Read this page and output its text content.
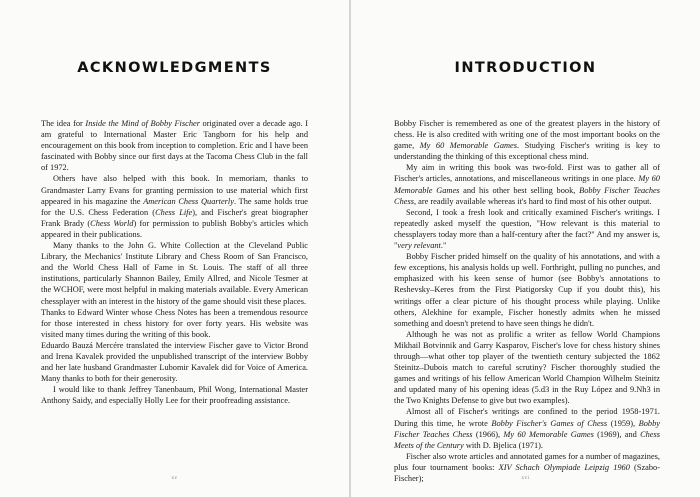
ACKNOWLEDGMENTS

The idea for Inside the Mind of Bobby Fischer originated over a decade ago. I am grateful to International Master Eric Tangborn for his help and encouragement on this book from inception to completion. Eric and I have been fascinated with Bobby since our first days at the Tacoma Chess Club in the fall of 1972.

Others have also helped with this book. In memoriam, thanks to Grandmaster Larry Evans for granting permission to use material which first appeared in his magazine the American Chess Quarterly. The same holds true for the U.S. Chess Federation (Chess Life), and Fischer's great biographer Frank Brady (Chess World) for permission to publish Bobby's articles which appeared in their publications.

Many thanks to the John G. White Collection at the Cleveland Public Library, the Mechanics' Institute Library and Chess Room of San Francisco, and the World Chess Hall of Fame in St. Louis. The staff of all three institutions, particularly Shannon Bailey, Emily Allred, and Nicole Tesmer at the WCHOF, were most helpful in making materials available. Every American chessplayer with an interest in the history of the game should visit these places.

Thanks to Edward Winter whose Chess Notes has been a tremendous resource for those interested in chess history for over forty years. His website was visited many times during the writing of this book.

Eduardo Bauzá Mercére translated the interview Fischer gave to Victor Brond and Irena Kavalek provided the unpublished transcript of the interview Bobby and her late husband Grandmaster Lubomir Kavalek did for Voice of America. Many thanks to both for their generosity.

I would like to thank Jeffrey Tanenbaum, Phil Wong, International Master Anthony Saidy, and especially Holly Lee for their proofreading assistance.

xv
INTRODUCTION

Bobby Fischer is remembered as one of the greatest players in the history of chess. He is also credited with writing one of the most important books on the game, My 60 Memorable Games. Studying Fischer's writing is key to understanding the thinking of this exceptional chess mind.

My aim in writing this book was two-fold. First was to gather all of Fischer's articles, annotations, and miscellaneous writings in one place. My 60 Memorable Games and his other best selling book, Bobby Fischer Teaches Chess, are readily available whereas it's hard to find most of his other output.

Second, I took a fresh look and critically examined Fischer's writings. I repeatedly asked myself the question, "How relevant is this material to chessplayers today more than a half-century after the fact?" And my answer is, "very relevant."

Bobby Fischer prided himself on the quality of his annotations, and with a few exceptions, his analysis holds up well. Forthright, pulling no punches, and emphasized with his keen sense of humor (see Bobby's annotations to Reshevsky–Keres from the First Piatigorsky Cup if you doubt this), his writings offer a clear picture of his thought process while playing. Unlike others, Alekhine for example, Fischer honestly admits when he missed something and doesn't pretend to have seen things he didn't.

Although he was not as prolific a writer as fellow World Champions Mikhail Botvinnik and Garry Kasparov, Fischer's love for chess history shines through—what other top player of the twentieth century subjected the 1862 Steinitz–Dubois match to careful scrutiny? Fischer thoroughly studied the games and writings of his fellow American World Champion Wilhelm Steinitz and updated many of his opening ideas (5.d3 in the Ruy López and 9.Nh3 in the Two Knights Defense to give but two examples).

Almost all of Fischer's writings are confined to the period 1958-1971. During this time, he wrote Bobby Fischer's Games of Chess (1959), Bobby Fischer Teaches Chess (1966), My 60 Memorable Games (1969), and Chess Meets of the Century with D. Bjelica (1971).

Fischer also wrote articles and annotated games for a number of magazines, plus four tournament books: XIV Schach Olympiade Leipzig 1960 (Szabo-Fischer);	xvi
